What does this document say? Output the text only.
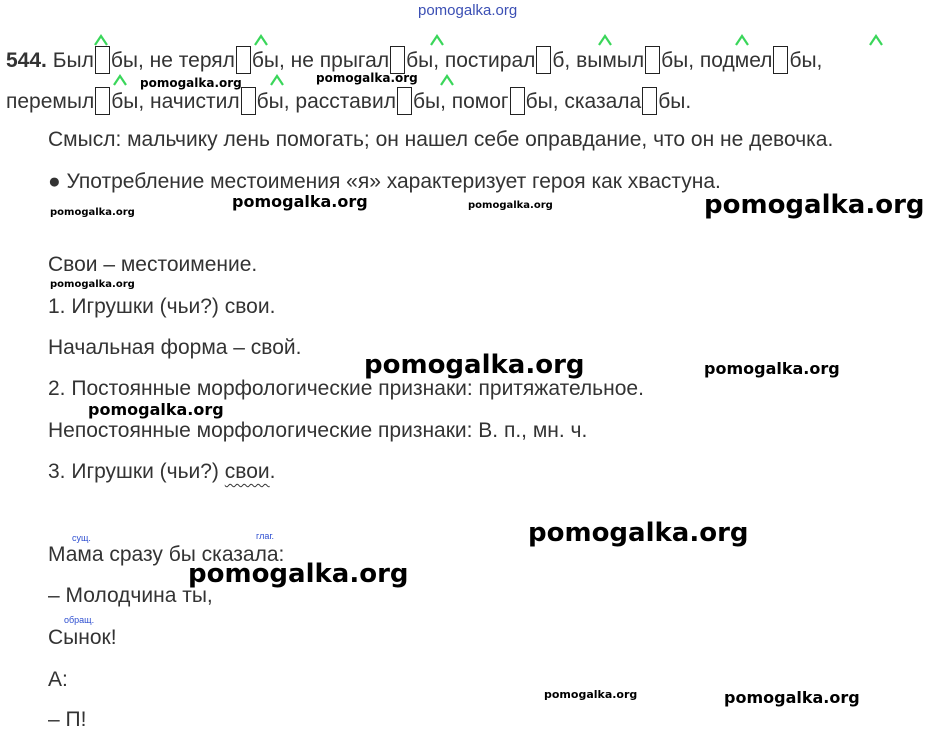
pomogalka.org
544. Был бы, не терял бы, не прыгал бы, постирал б, вымыл бы, подмел бы,
перемыл бы, начистил бы, расставил бы, помог бы, сказала бы.
pomogalka.org	pomogalka.org
Смысл: мальчику лень помогать; он нашел себе оправдание, что он не девочка.
● Употребление местоимения «я» характеризует героя как хвастуна.
pomogalka.org
pomogalka.org	pomogalka.org	pomogalka.org
Свои – местоимение.
pomogalka.org
1. Игрушки (чьи?) свои.
Начальная форма – свой.
pomogalka.org	pomogalka.org
2. Постоянные морфологические признаки: притяжательное.
pomogalka.org
Непостоянные морфологические признаки: В. п., мн. ч.
3. Игрушки (чьи?) свои.
сущ.	глаг.	pomogalka.org
Мама сразу бы сказала:
pomogalka.org
– Молодчина ты,
обращ.
Сынок!
А:
pomogalka.org	pomogalka.org
– П!
